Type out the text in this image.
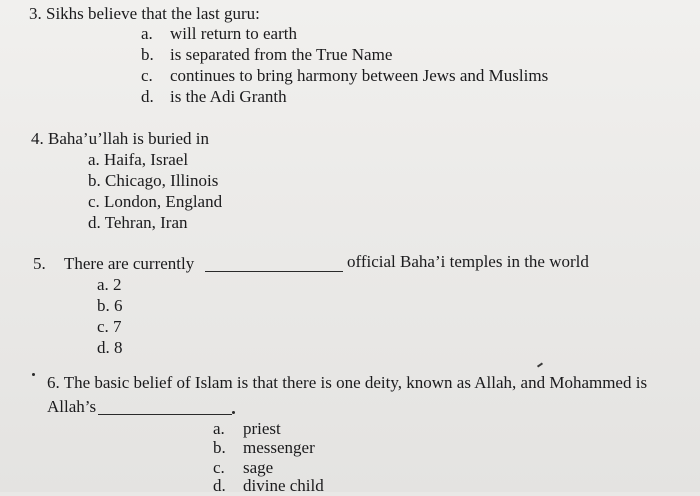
3. Sikhs believe that the last guru:
a. will return to earth
b. is separated from the True Name
c. continues to bring harmony between Jews and Muslims
d. is the Adi Granth
4. Baha’u’llah is buried in
a. Haifa, Israel
b. Chicago, Illinois
c. London, England
d. Tehran, Iran
5. There are currently	official Baha’i temples in the world
a. 2
b. 6
c. 7
d. 8
6. The basic belief of Islam is that there is one deity, known as Allah, and Mohammed is
Allah’s
a. priest
b. messenger
c. sage
d. divine child
